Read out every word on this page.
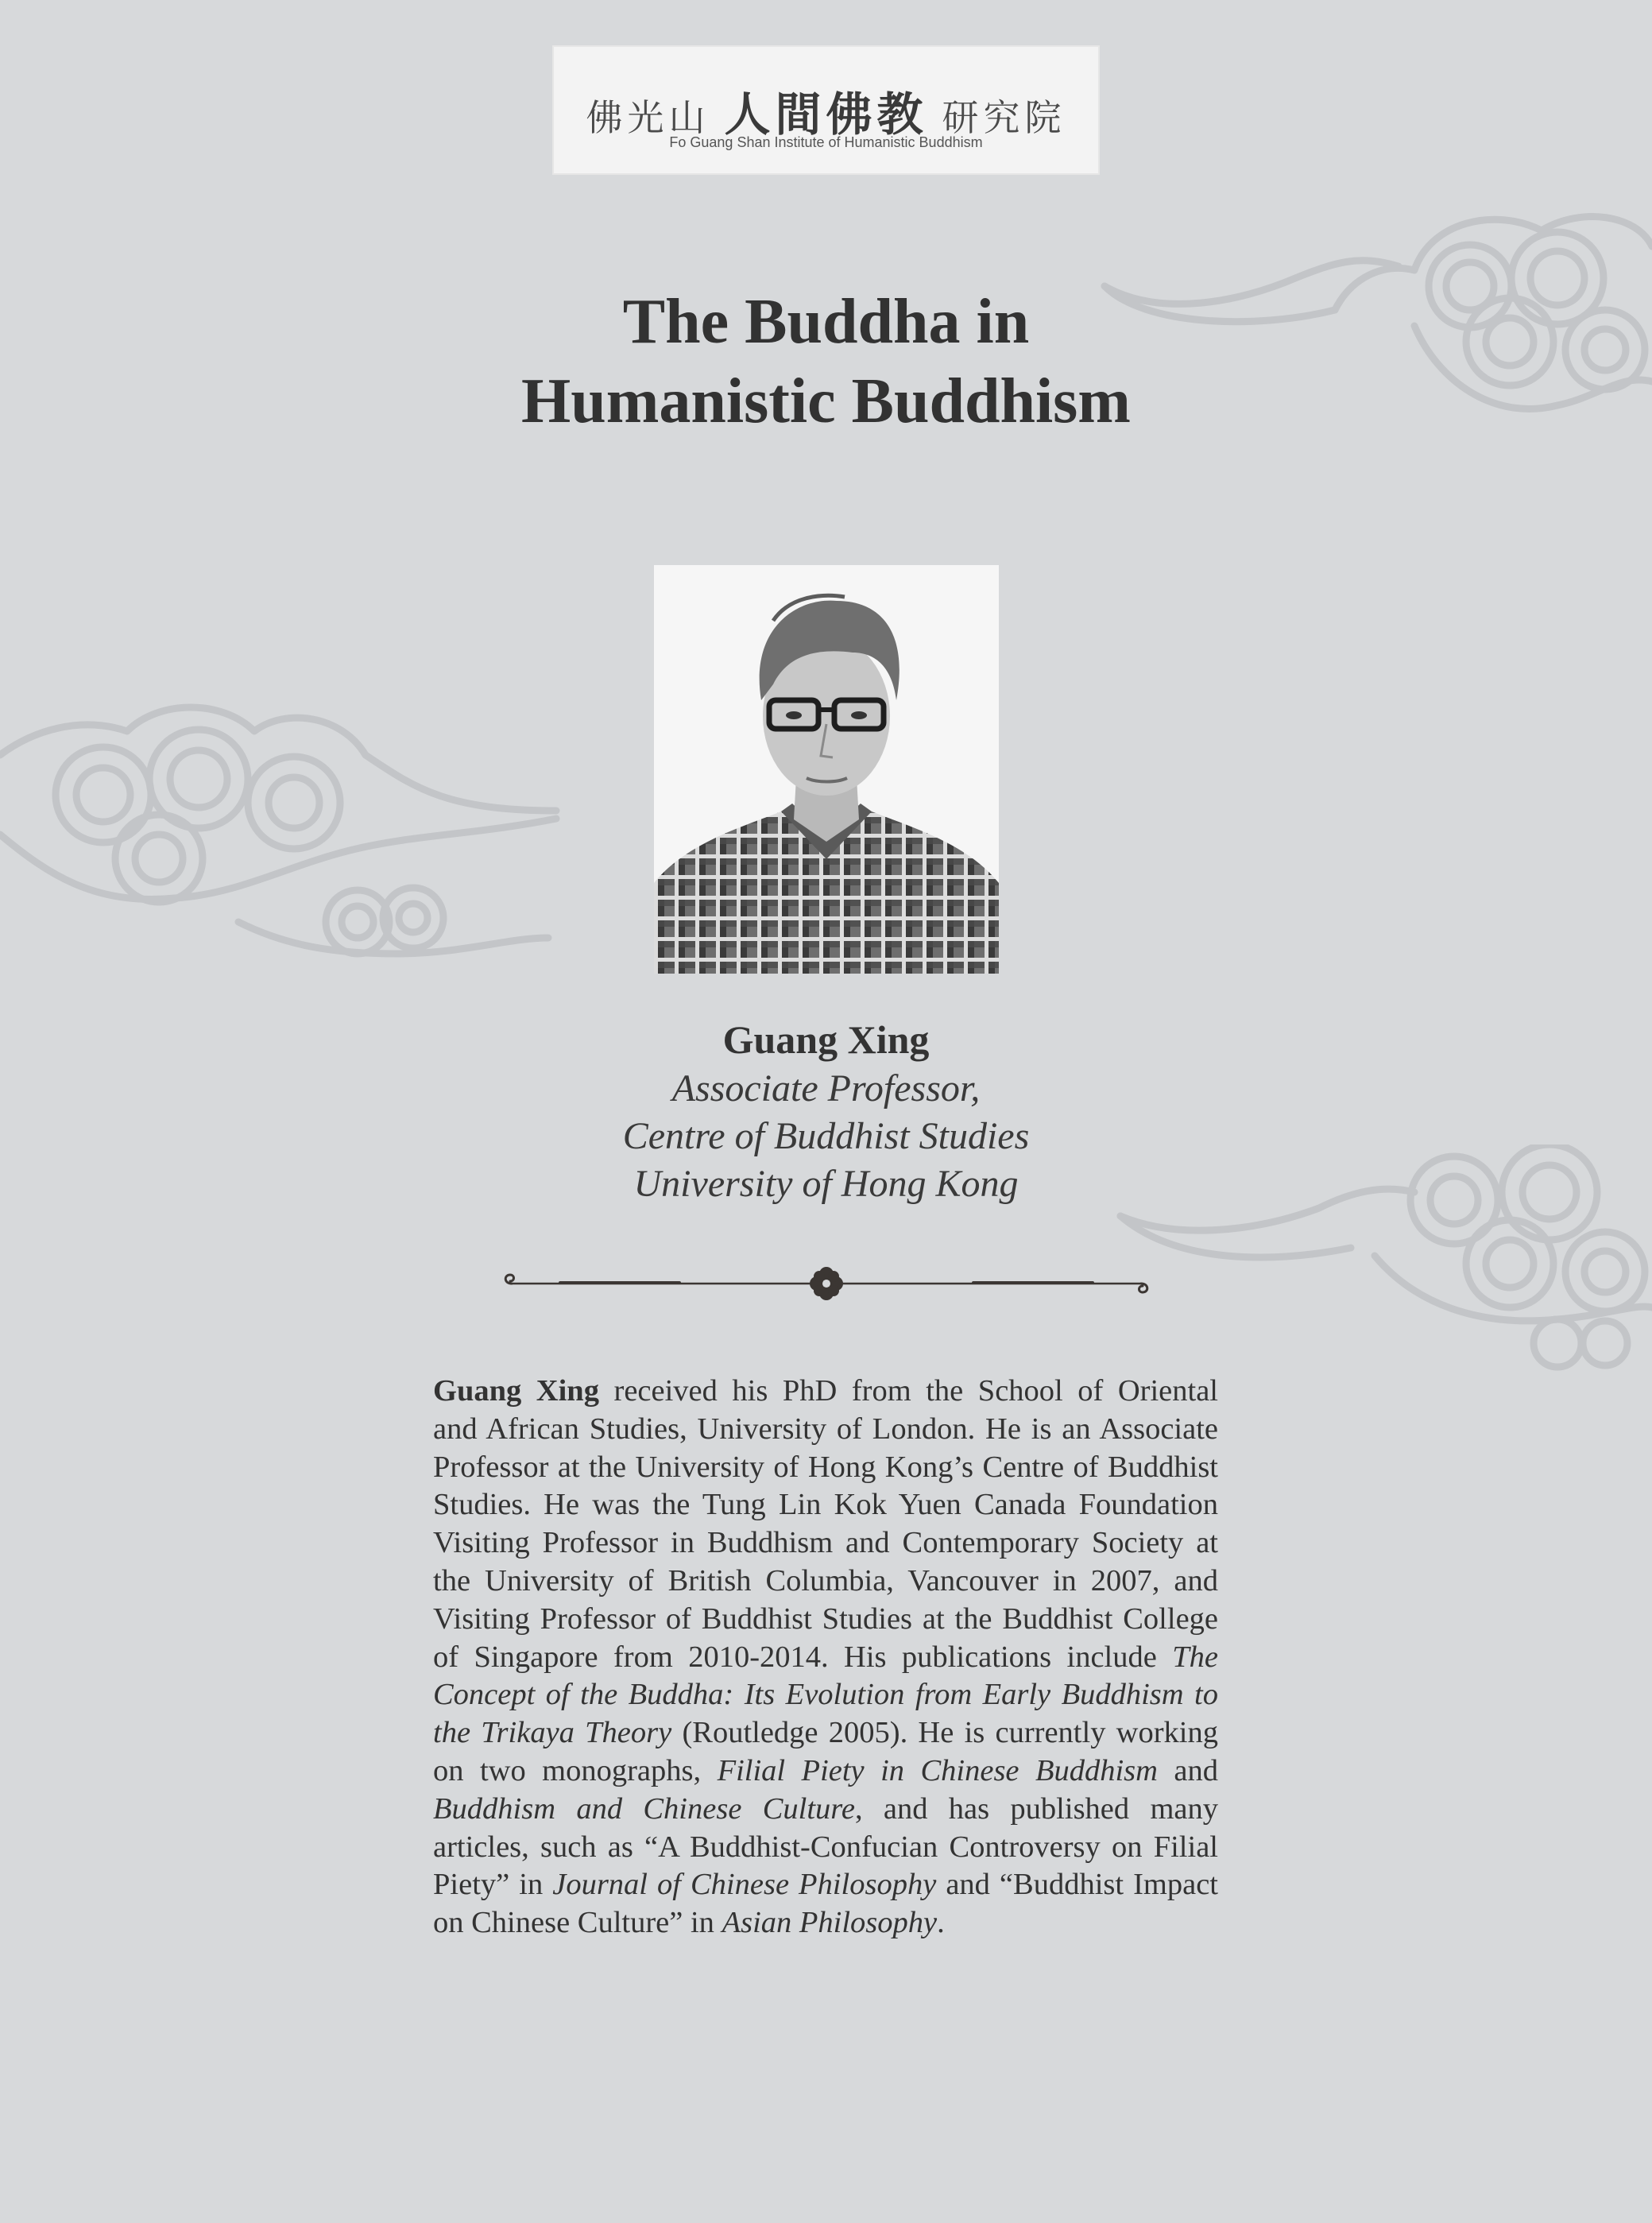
佛光山 人間佛教 研究院
Fo Guang Shan Institute of Humanistic Buddhism
The Buddha in
Humanistic Buddhism
Guang Xing
Associate Professor,
Centre of Buddhist Studies
University of Hong Kong
Guang Xing received his PhD from the School of Oriental
and African Studies, University of London. He is an Associate
Professor at the University of Hong Kong’s Centre of Buddhist
Studies. He was the Tung Lin Kok Yuen Canada Foundation
Visiting Professor in Buddhism and Contemporary Society at
the University of British Columbia, Vancouver in 2007, and
Visiting Professor of Buddhist Studies at the Buddhist College
of Singapore from 2010-2014. His publications include The
Concept of the Buddha: Its Evolution from Early Buddhism to
the Trikaya Theory (Routledge 2005). He is currently working
on two monographs, Filial Piety in Chinese Buddhism and
Buddhism and Chinese Culture, and has published many
articles, such as “A Buddhist-Confucian Controversy on Filial
Piety” in Journal of Chinese Philosophy and “Buddhist Impact
on Chinese Culture” in Asian Philosophy.
